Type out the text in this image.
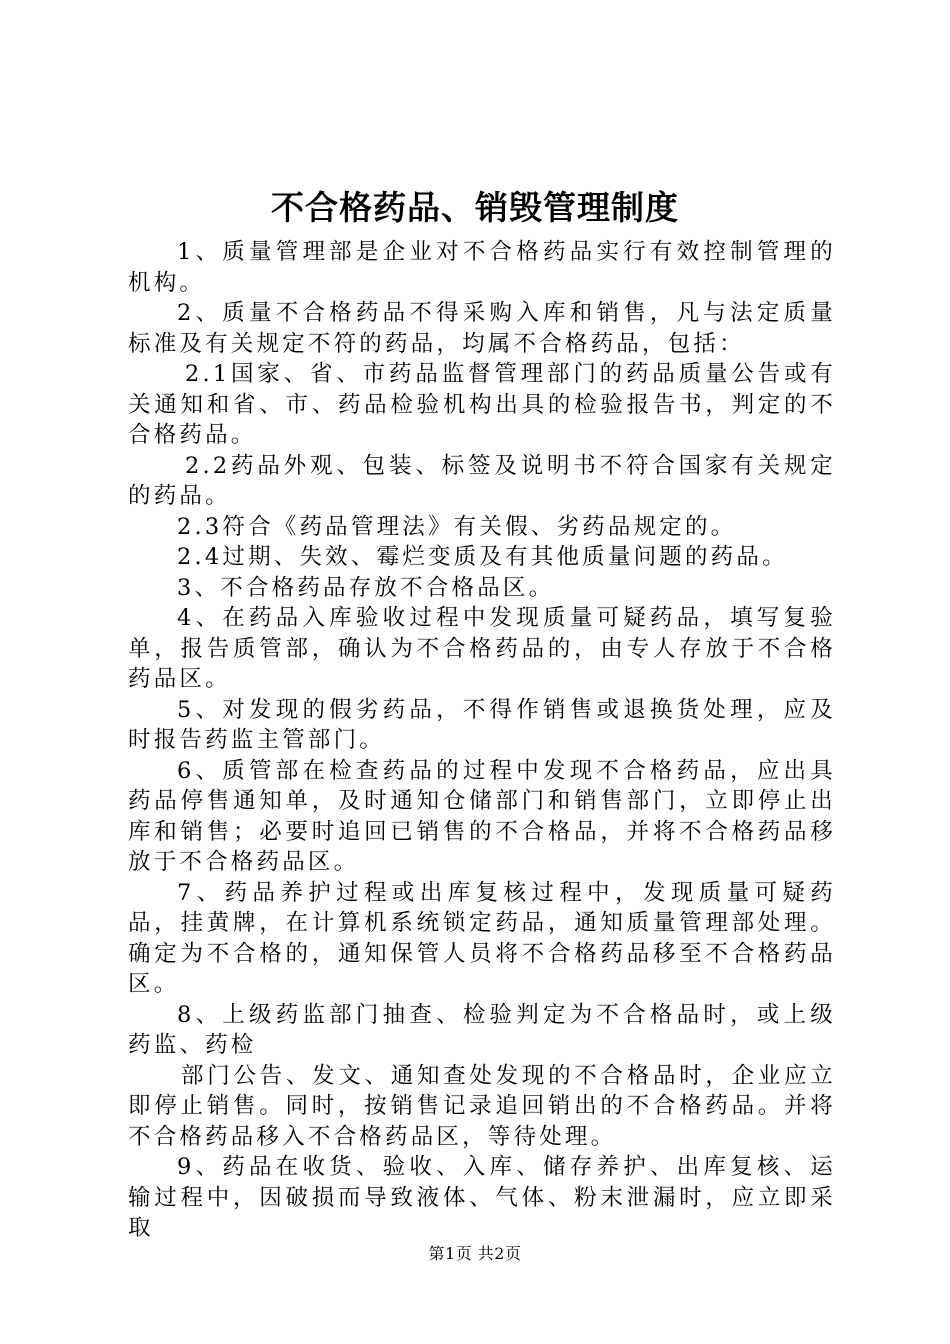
不合格药品、销毁管理制度

1、质量管理部是企业对不合格药品实行有效控制管理的机构。

2、质量不合格药品不得采购入库和销售，凡与法定质量标准及有关规定不符的药品，均属不合格药品，包括：

2.1国家、省、市药品监督管理部门的药品质量公告或有关通知和省、市、药品检验机构出具的检验报告书，判定的不合格药品。

2.2药品外观、包装、标签及说明书不符合国家有关规定的药品。

2.3符合《药品管理法》有关假、劣药品规定的。

2.4过期、失效、霉烂变质及有其他质量问题的药品。

3、不合格药品存放不合格品区。

4、在药品入库验收过程中发现质量可疑药品，填写复验单，报告质管部，确认为不合格药品的，由专人存放于不合格药品区。

5、对发现的假劣药品，不得作销售或退换货处理，应及时报告药监主管部门。

6、质管部在检查药品的过程中发现不合格药品，应出具药品停售通知单，及时通知仓储部门和销售部门，立即停止出库和销售；必要时追回已销售的不合格品，并将不合格药品移放于不合格药品区。

7、药品养护过程或出库复核过程中，发现质量可疑药品，挂黄牌，在计算机系统锁定药品，通知质量管理部处理。确定为不合格的，通知保管人员将不合格药品移至不合格药品区。

8、上级药监部门抽查、检验判定为不合格品时，或上级药监、药检

部门公告、发文、通知查处发现的不合格品时，企业应立即停止销售。同时，按销售记录追回销出的不合格药品。并将不合格药品移入不合格药品区，等待处理。

9、药品在收货、验收、入库、储存养护、出库复核、运输过程中，因破损而导致液体、气体、粉末泄漏时，应立即采取

第1页 共2页
